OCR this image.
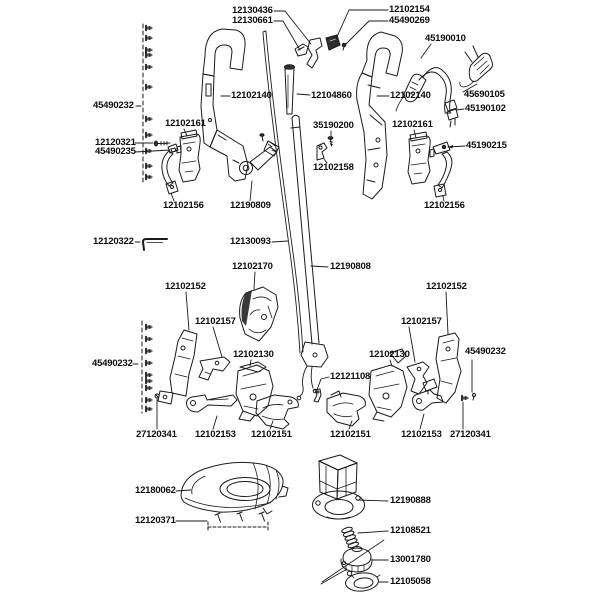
12130436
12130661
12102154
45490269
45190010
45490232
12102140	12104860	12102140	45690105
45190102
12102161	35190200	12102161
12120321
45490235
45190215
12102158
12102156	12190809	12102156
12120322	12130093
12102170	12190808
12102152	12102152
12102157	12102157
12102130	12102130
45490232
45490232
12121108
27120341 12102153 12102151	12102151	12102153 27120341
12180062
12120371
12190888
12108521
13001780
12105058
